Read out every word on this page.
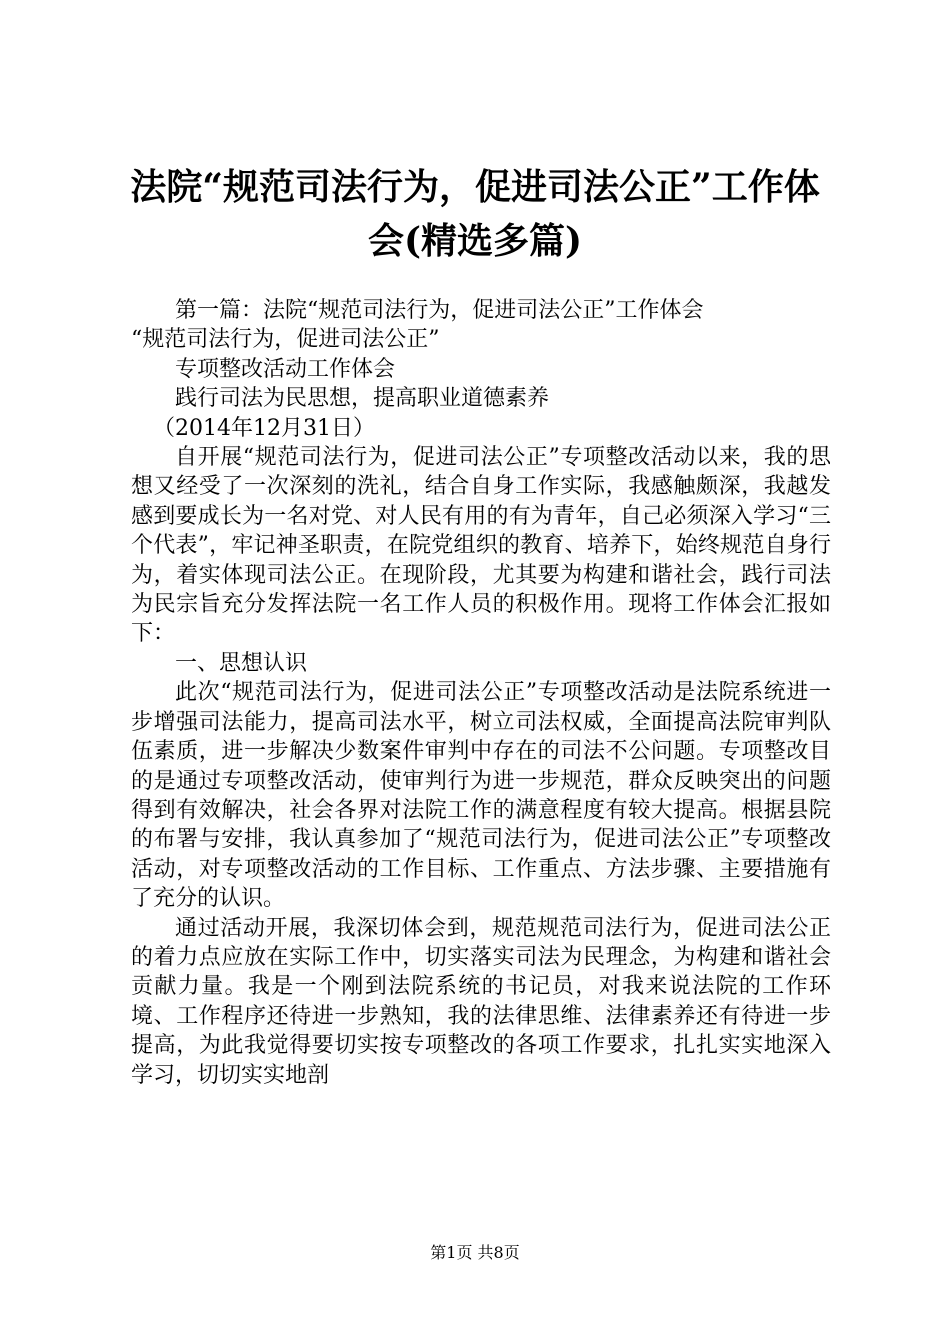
法院“规范司法行为，促进司法公正”工作体
会(精选多篇)

第一篇：法院“规范司法行为，促进司法公正”工作体会

“规范司法行为，促进司法公正”

专项整改活动工作体会

践行司法为民思想，提高职业道德素养

（2014年12月31日）

自开展“规范司法行为，促进司法公正”专项整改活动以来，我的思想又经受了一次深刻的洗礼，结合自身工作实际，我感触颇深，我越发感到要成长为一名对党、对人民有用的有为青年，自己必须深入学习“三个代表”，牢记神圣职责，在院党组织的教育、培养下，始终规范自身行为，着实体现司法公正。在现阶段，尤其要为构建和谐社会，践行司法为民宗旨充分发挥法院一名工作人员的积极作用。现将工作体会汇报如下：

一、思想认识

此次“规范司法行为，促进司法公正”专项整改活动是法院系统进一步增强司法能力，提高司法水平，树立司法权威，全面提高法院审判队伍素质，进一步解决少数案件审判中存在的司法不公问题。专项整改目的是通过专项整改活动，使审判行为进一步规范，群众反映突出的问题得到有效解决，社会各界对法院工作的满意程度有较大提高。根据县院的布署与安排，我认真参加了“规范司法行为，促进司法公正”专项整改活动，对专项整改活动的工作目标、工作重点、方法步骤、主要措施有了充分的认识。

通过活动开展，我深切体会到，规范规范司法行为，促进司法公正的着力点应放在实际工作中，切实落实司法为民理念，为构建和谐社会贡献力量。我是一个刚到法院系统的书记员，对我来说法院的工作环境、工作程序还待进一步熟知，我的法律思维、法律素养还有待进一步提高，为此我觉得要切实按专项整改的各项工作要求，扎扎实实地深入学习，切切实实地剖

第1页 共8页
